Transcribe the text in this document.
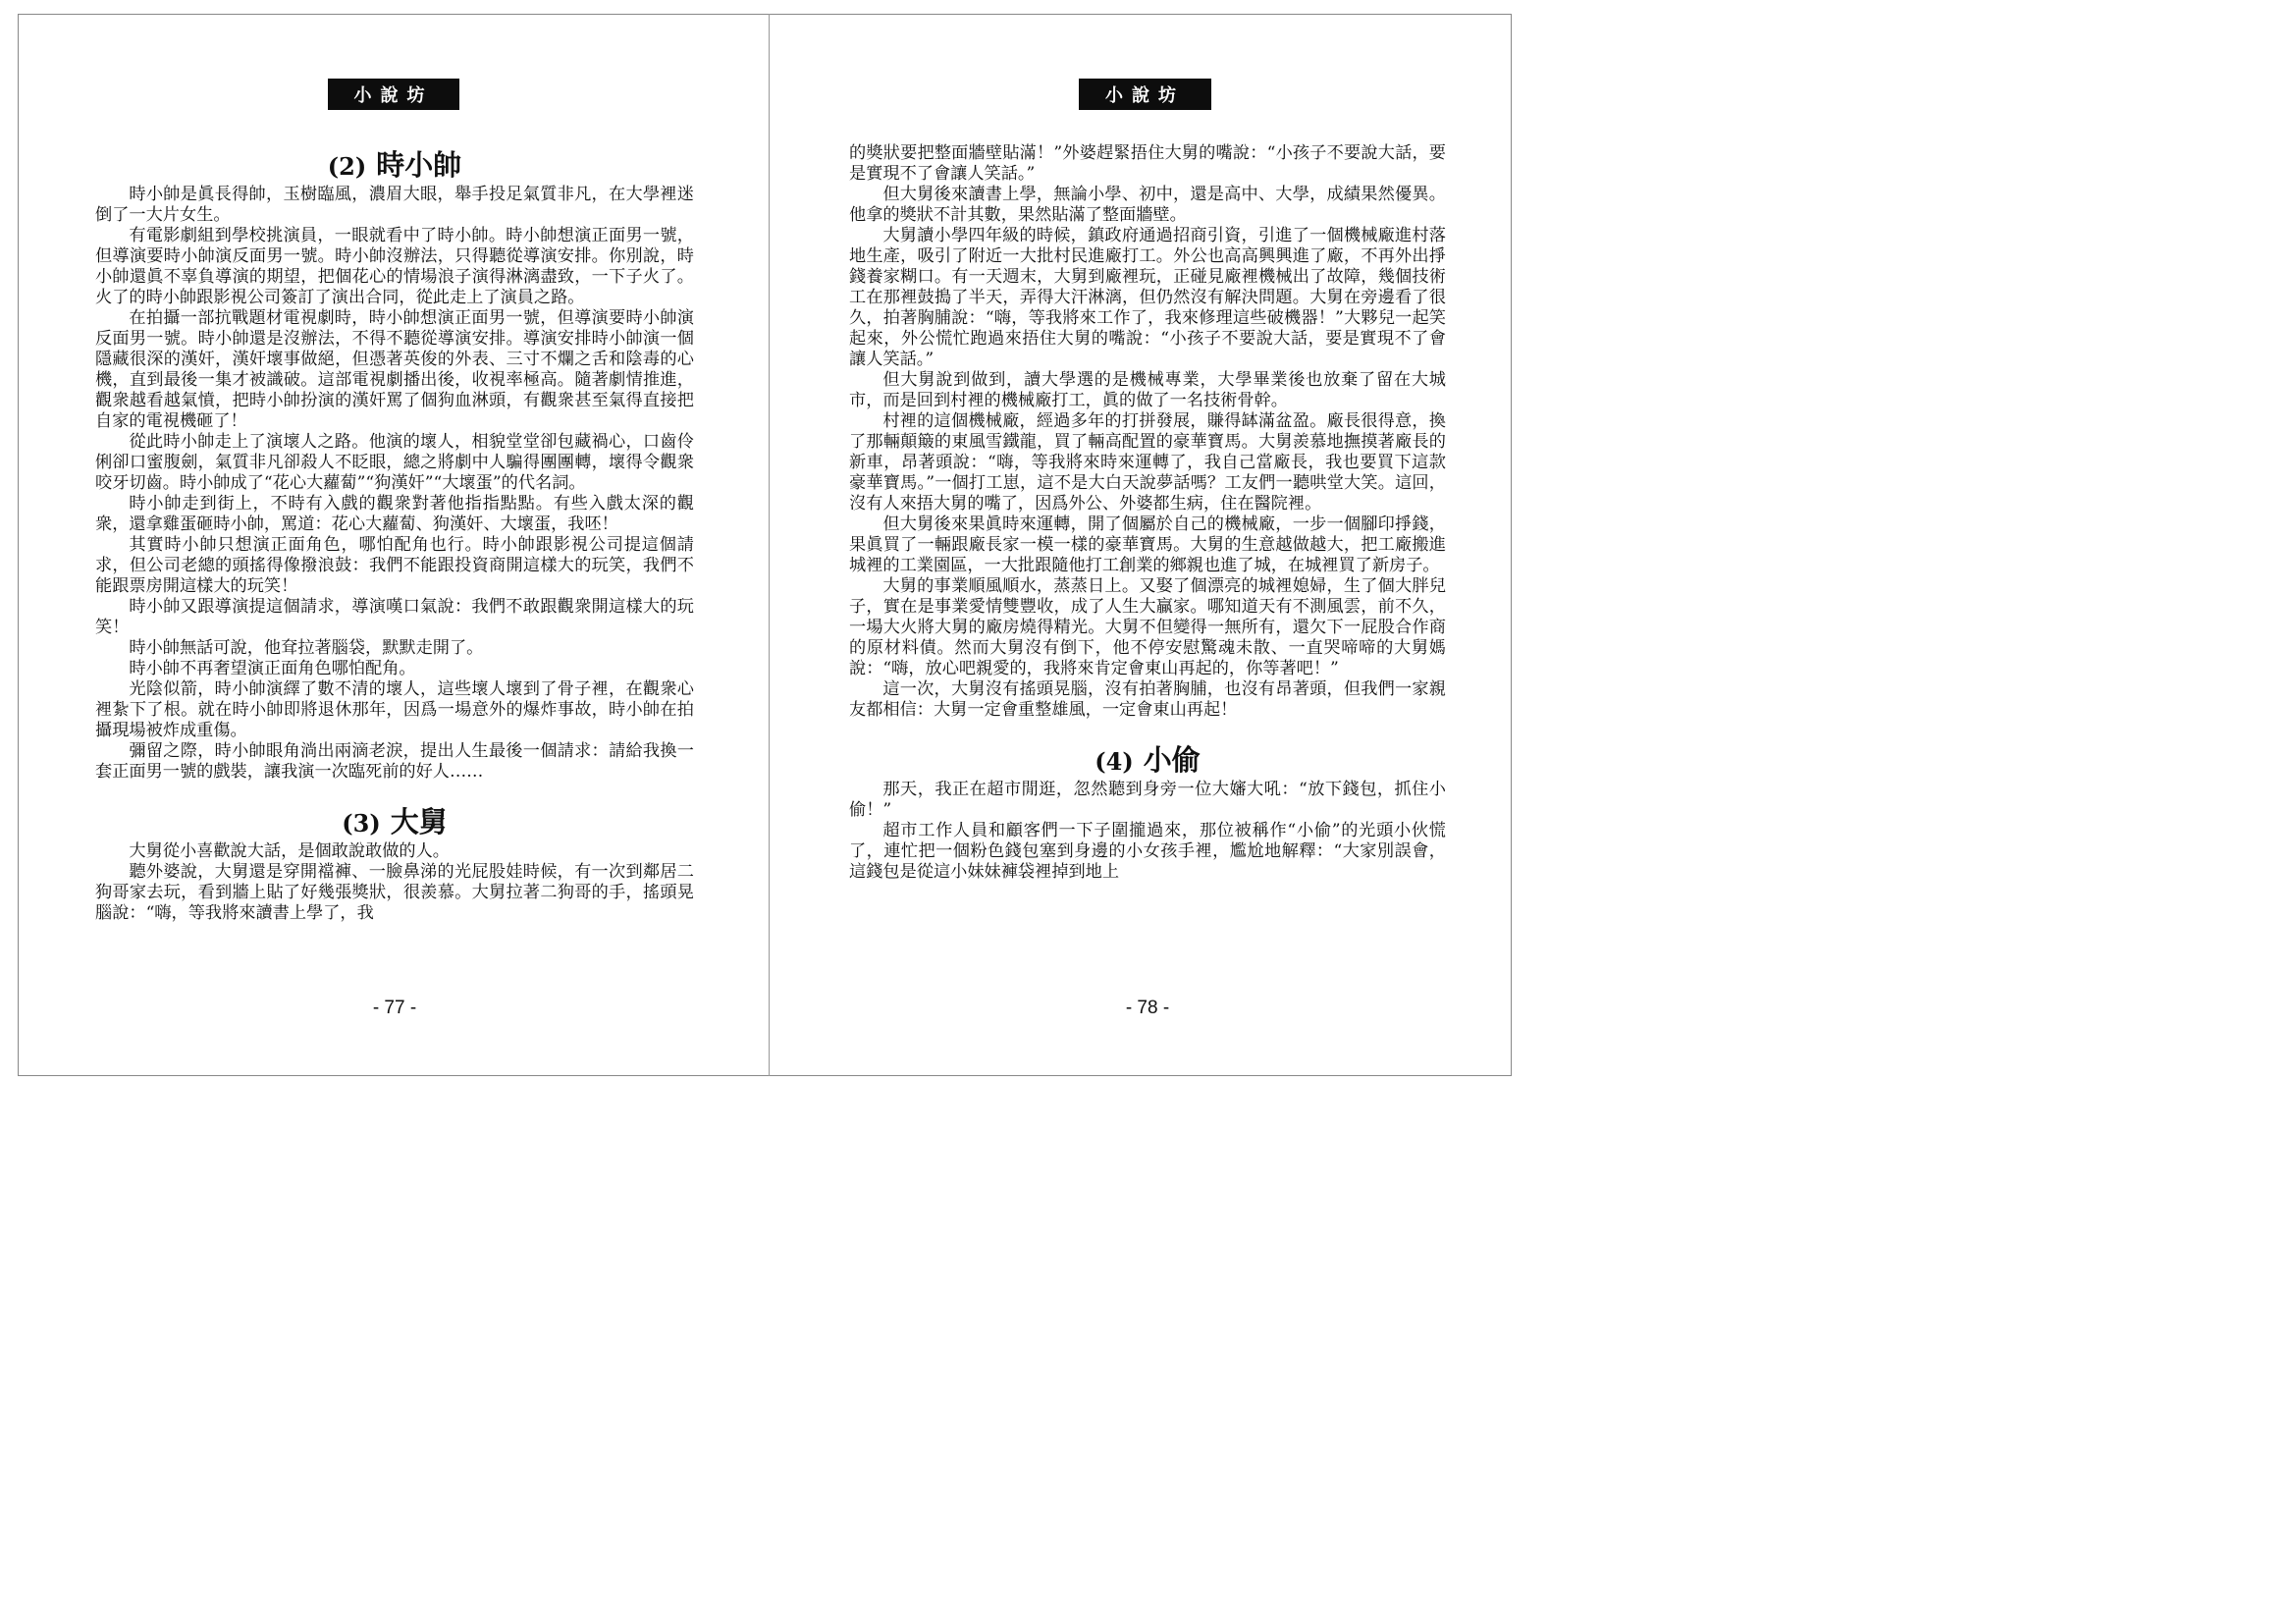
小說坊
(2) 時小帥

時小帥是眞長得帥，玉樹臨風，濃眉大眼，舉手投足氣質非凡，在大學裡迷倒了一大片女生。

有電影劇組到學校挑演員，一眼就看中了時小帥。時小帥想演正面男一號，但導演要時小帥演反面男一號。時小帥沒辦法，只得聽從導演安排。你別說，時小帥還眞不辜負導演的期望，把個花心的情場浪子演得淋漓盡致，一下子火了。火了的時小帥跟影視公司簽訂了演出合同，從此走上了演員之路。

在拍攝一部抗戰題材電視劇時，時小帥想演正面男一號，但導演要時小帥演反面男一號。時小帥還是沒辦法，不得不聽從導演安排。導演安排時小帥演一個隱藏很深的漢奸，漢奸壞事做絕，但憑著英俊的外表、三寸不爛之舌和陰毒的心機，直到最後一集才被識破。這部電視劇播出後，收視率極高。隨著劇情推進，觀衆越看越氣憤，把時小帥扮演的漢奸罵了個狗血淋頭，有觀衆甚至氣得直接把自家的電視機砸了！

從此時小帥走上了演壞人之路。他演的壞人，相貌堂堂卻包藏禍心，口齒伶俐卻口蜜腹劍，氣質非凡卻殺人不眨眼，總之將劇中人騙得團團轉，壞得令觀衆咬牙切齒。時小帥成了“花心大蘿蔔”“狗漢奸”“大壞蛋”的代名詞。

時小帥走到街上，不時有入戲的觀衆對著他指指點點。有些入戲太深的觀衆，還拿雞蛋砸時小帥，罵道：花心大蘿蔔、狗漢奸、大壞蛋，我呸！

其實時小帥只想演正面角色，哪怕配角也行。時小帥跟影視公司提這個請求，但公司老總的頭搖得像撥浪鼓：我們不能跟投資商開這樣大的玩笑，我們不能跟票房開這樣大的玩笑！

時小帥又跟導演提這個請求，導演嘆口氣說：我們不敢跟觀衆開這樣大的玩笑！

時小帥無話可說，他耷拉著腦袋，默默走開了。

時小帥不再奢望演正面角色哪怕配角。

光陰似箭，時小帥演繹了數不清的壞人，這些壞人壞到了骨子裡，在觀衆心裡紮下了根。就在時小帥即將退休那年，因爲一場意外的爆炸事故，時小帥在拍攝現場被炸成重傷。

彌留之際，時小帥眼角淌出兩滴老淚，提出人生最後一個請求：請給我換一套正面男一號的戲裝，讓我演一次臨死前的好人……

(3) 大舅

大舅從小喜歡說大話，是個敢說敢做的人。

聽外婆說，大舅還是穿開襠褲、一臉鼻涕的光屁股娃時候，有一次到鄰居二狗哥家去玩，看到牆上貼了好幾張獎狀，很羨慕。大舅拉著二狗哥的手，搖頭晃腦說：“嗨，等我將來讀書上學了，我

- 77 -
小說坊

的獎狀要把整面牆壁貼滿！”外婆趕緊捂住大舅的嘴說：“小孩子不要說大話，要是實現不了會讓人笑話。”

但大舅後來讀書上學，無論小學、初中，還是高中、大學，成績果然優異。他拿的獎狀不計其數，果然貼滿了整面牆壁。

大舅讀小學四年級的時候，鎮政府通過招商引資，引進了一個機械廠進村落地生產，吸引了附近一大批村民進廠打工。外公也高高興興進了廠，不再外出掙錢養家糊口。有一天週末，大舅到廠裡玩，正碰見廠裡機械出了故障，幾個技術工在那裡鼓搗了半天，弄得大汗淋漓，但仍然沒有解決問題。大舅在旁邊看了很久，拍著胸脯說：“嗨，等我將來工作了，我來修理這些破機器！”大夥兒一起笑起來，外公慌忙跑過來捂住大舅的嘴說：“小孩子不要說大話，要是實現不了會讓人笑話。”

但大舅說到做到，讀大學選的是機械專業，大學畢業後也放棄了留在大城市，而是回到村裡的機械廠打工，眞的做了一名技術骨幹。

村裡的這個機械廠，經過多年的打拼發展，賺得缽滿盆盈。廠長很得意，換了那輛顛簸的東風雪鐵龍，買了輛高配置的豪華寶馬。大舅羨慕地撫摸著廠長的新車，昂著頭說：“嗨，等我將來時來運轉了，我自己當廠長，我也要買下這款豪華寶馬。”一個打工崽，這不是大白天說夢話嗎？工友們一聽哄堂大笑。這回，沒有人來捂大舅的嘴了，因爲外公、外婆都生病，住在醫院裡。

但大舅後來果眞時來運轉，開了個屬於自己的機械廠，一步一個腳印掙錢，果眞買了一輛跟廠長家一模一樣的豪華寶馬。大舅的生意越做越大，把工廠搬進城裡的工業園區，一大批跟隨他打工創業的鄉親也進了城，在城裡買了新房子。

大舅的事業順風順水，蒸蒸日上。又娶了個漂亮的城裡媳婦，生了個大胖兒子，實在是事業愛情雙豐收，成了人生大贏家。哪知道天有不測風雲，前不久，一場大火將大舅的廠房燒得精光。大舅不但變得一無所有，還欠下一屁股合作商的原材料債。然而大舅沒有倒下，他不停安慰驚魂未散、一直哭啼啼的大舅媽說：“嗨，放心吧親愛的，我將來肯定會東山再起的，你等著吧！”

這一次，大舅沒有搖頭晃腦，沒有拍著胸脯，也沒有昂著頭，但我們一家親友都相信：大舅一定會重整雄風，一定會東山再起！

(4) 小偷

那天，我正在超市閒逛，忽然聽到身旁一位大嬸大吼：“放下錢包，抓住小偷！”

超市工作人員和顧客們一下子圍攏過來，那位被稱作“小偷”的光頭小伙慌了，連忙把一個粉色錢包塞到身邊的小女孩手裡，尷尬地解釋：“大家別誤會，這錢包是從這小妹妹褲袋裡掉到地上

- 78 -
